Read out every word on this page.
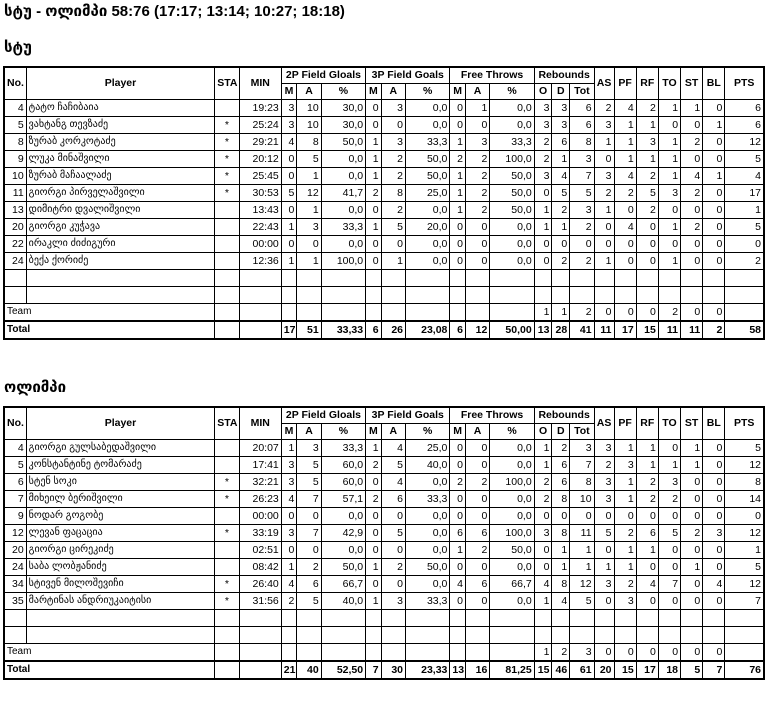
სტუ - ოლიმპი 58:76 (17:17; 13:14; 10:27; 18:18)
სტუ
No.	Player	STA	MIN	2P Field Gloals			3P Field Goals			Free Throws			Rebounds			AS	PF	RF	TO	ST	BL	PTS
				M	A	%	M	A	%	M	A	%	O	D	Tot							
4	ტატო ჩაჩიბაია		19:23	3	10	30,0	0	3	0,0	0	1	0,0	3	3	6	2	4	2	1	1	0	6
5	ვახტანგ თევზაძე	*	25:24	3	10	30,0	0	0	0,0	0	0	0,0	3	3	6	3	1	1	0	0	1	6
8	ზურაბ კორკოტაძე	*	29:21	4	8	50,0	1	3	33,3	1	3	33,3	2	6	8	1	1	3	1	2	0	12
9	ლუკა მინაშვილი	*	20:12	0	5	0,0	1	2	50,0	2	2	100,0	2	1	3	0	1	1	1	0	0	5
10	ზურაბ მაჩაალაძე	*	25:45	0	1	0,0	1	2	50,0	1	2	50,0	3	4	7	3	4	2	1	4	1	4
11	გიორგი პირველაშვილი	*	30:53	5	12	41,7	2	8	25,0	1	2	50,0	0	5	5	2	2	5	3	2	0	17
13	დიმიტრი დვალიშვილი		13:43	0	1	0,0	0	2	0,0	1	2	50,0	1	2	3	1	0	2	0	0	0	1
20	გიორგი კუჭავა		22:43	1	3	33,3	1	5	20,0	0	0	0,0	1	1	2	0	4	0	1	2	0	5
22	ირაკლი ძიძიგური		00:00	0	0	0,0	0	0	0,0	0	0	0,0	0	0	0	0	0	0	0	0	0	0
24	ბექა ქორიძე		12:36	1	1	100,0	0	1	0,0	0	0	0,0	0	2	2	1	0	0	1	0	0	2

Team													1	1	2	0	0	0	2	0	0	
Total				17	51	33,33	6	26	23,08	6	12	50,00	13	28	41	11	17	15	11	11	2	58
ოლიმპი
No.	Player	STA	MIN	2P Field Gloals			3P Field Goals			Free Throws			Rebounds			AS	PF	RF	TO	ST	BL	PTS
				M	A	%	M	A	%	M	A	%	O	D	Tot							
4	გიორგი გულსაბედაშვილი		20:07	1	3	33,3	1	4	25,0	0	0	0,0	1	2	3	3	1	1	0	1	0	5
5	კონსტანტინე ტომარაძე		17:41	3	5	60,0	2	5	40,0	0	0	0,0	1	6	7	2	3	1	1	1	0	12
6	სტენ სოკი	*	32:21	3	5	60,0	0	4	0,0	2	2	100,0	2	6	8	3	1	2	3	0	0	8
7	მიხეილ ბერიშვილი	*	26:23	4	7	57,1	2	6	33,3	0	0	0,0	2	8	10	3	1	2	2	0	0	14
9	ნოდარ გოგობე		00:00	0	0	0,0	0	0	0,0	0	0	0,0	0	0	0	0	0	0	0	0	0	0
12	ლევან ფაცაცია	*	33:19	3	7	42,9	0	5	0,0	6	6	100,0	3	8	11	5	2	6	5	2	3	12
20	გიორგი ცირეკიძე		02:51	0	0	0,0	0	0	0,0	1	2	50,0	0	1	1	0	1	1	0	0	0	1
24	საბა ლობჟანიძე		08:42	1	2	50,0	1	2	50,0	0	0	0,0	0	1	1	1	1	0	0	1	0	5
34	სტივენ მილოშევიჩი	*	26:40	4	6	66,7	0	0	0,0	4	6	66,7	4	8	12	3	2	4	7	0	4	12
35	მარტინას ანდრიუკაიტისი	*	31:56	2	5	40,0	1	3	33,3	0	0	0,0	1	4	5	0	3	0	0	0	0	7

Team													1	2	3	0	0	0	0	0	0	
Total				21	40	52,50	7	30	23,33	13	16	81,25	15	46	61	20	15	17	18	5	7	76
